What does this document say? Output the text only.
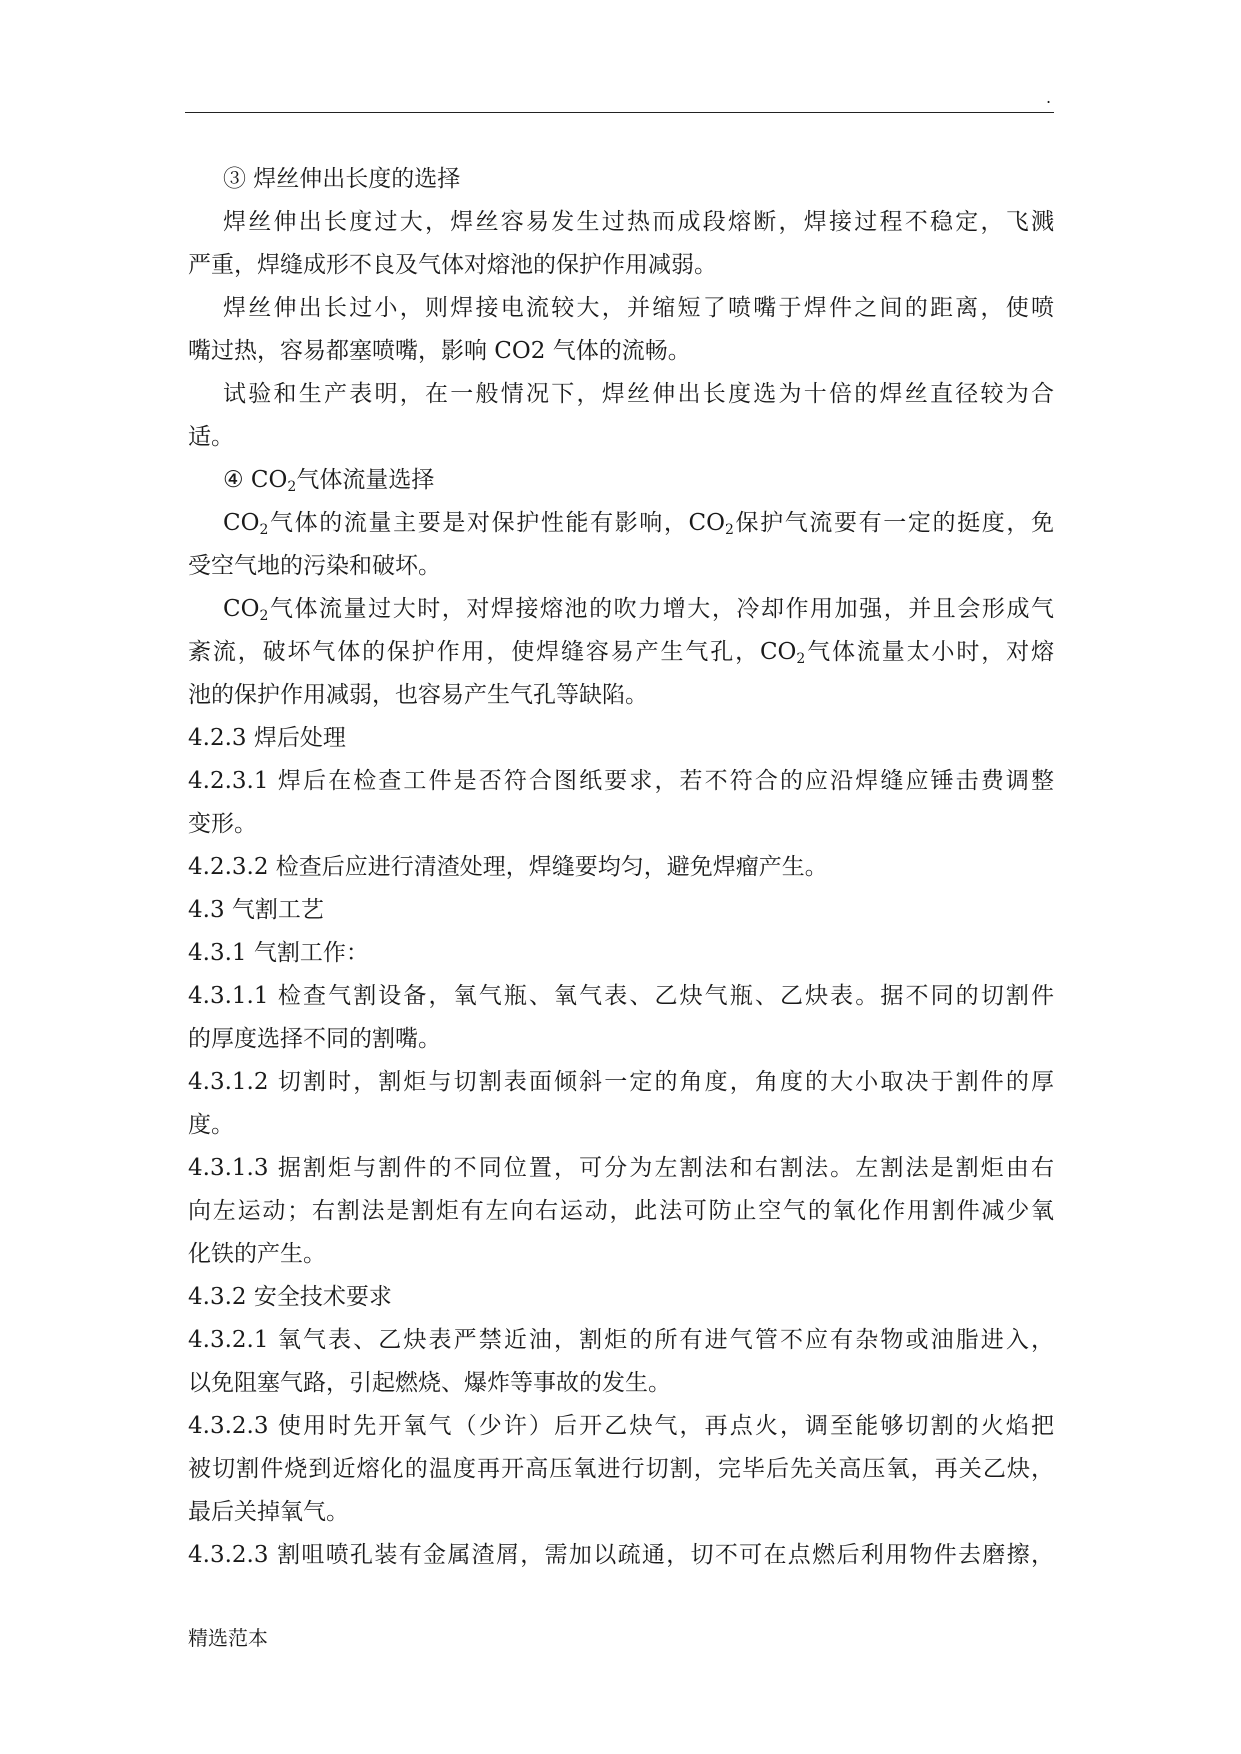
.
③ 焊丝伸出长度的选择
焊丝伸出长度过大，焊丝容易发生过热而成段熔断，焊接过程不稳定，飞溅
严重，焊缝成形不良及气体对熔池的保护作用减弱。
焊丝伸出长过小，则焊接电流较大，并缩短了喷嘴于焊件之间的距离，使喷
嘴过热，容易都塞喷嘴，影响 CO2 气体的流畅。
试验和生产表明，在一般情况下，焊丝伸出长度选为十倍的焊丝直径较为合
适。
④ $CO_2$气体流量选择
$CO_2$气体的流量主要是对保护性能有影响，$CO_2$保护气流要有一定的挺度，免
受空气地的污染和破坏。
$CO_2$气体流量过大时，对焊接熔池的吹力增大，冷却作用加强，并且会形成气
紊流，破坏气体的保护作用，使焊缝容易产生气孔，$CO_2$气体流量太小时，对熔
池的保护作用减弱，也容易产生气孔等缺陷。
4.2.3 焊后处理
4.2.3.1 焊后在检查工件是否符合图纸要求，若不符合的应沿焊缝应锤击费调整
变形。
4.2.3.2 检查后应进行清渣处理，焊缝要均匀，避免焊瘤产生。
4.3 气割工艺
4.3.1 气割工作：
4.3.1.1 检查气割设备，氧气瓶、氧气表、乙炔气瓶、乙炔表。据不同的切割件
的厚度选择不同的割嘴。
4.3.1.2 切割时，割炬与切割表面倾斜一定的角度，角度的大小取决于割件的厚
度。
4.3.1.3 据割炬与割件的不同位置，可分为左割法和右割法。左割法是割炬由右
向左运动；右割法是割炬有左向右运动，此法可防止空气的氧化作用割件减少氧
化铁的产生。
4.3.2 安全技术要求
4.3.2.1 氧气表、乙炔表严禁近油，割炬的所有进气管不应有杂物或油脂进入，
以免阻塞气路，引起燃烧、爆炸等事故的发生。
4.3.2.3 使用时先开氧气（少许）后开乙炔气，再点火，调至能够切割的火焰把
被切割件烧到近熔化的温度再开高压氧进行切割，完毕后先关高压氧，再关乙炔，
最后关掉氧气。
4.3.2.3 割咀喷孔装有金属渣屑，需加以疏通，切不可在点燃后利用物件去磨擦，
精选范本
